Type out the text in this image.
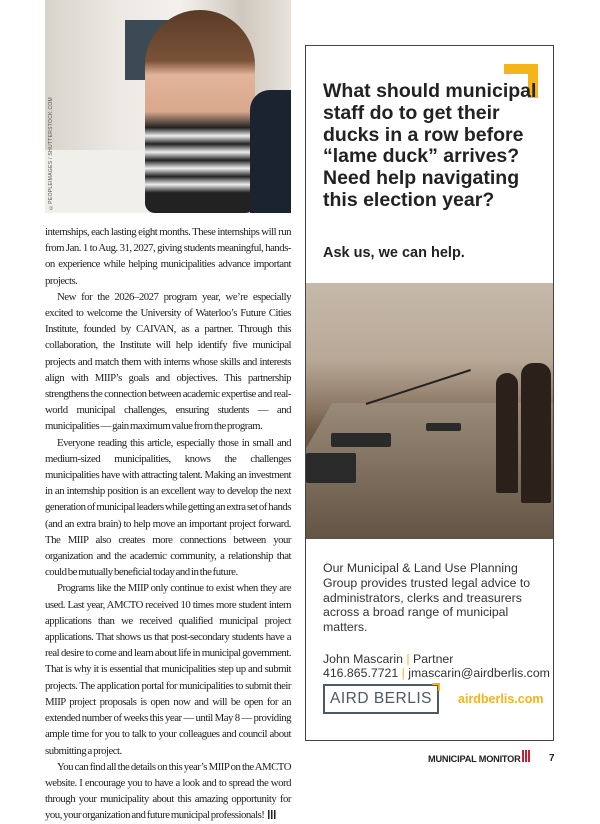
©PEOPLEIMAGES / SHUTTERSTOCK.COM

internships, each lasting eight months. These internships will run from Jan. 1 to Aug. 31, 2027, giving students meaningful, hands-on experience while helping municipalities advance important projects.

New for the 2026–2027 program year, we’re especially excited to welcome the University of Waterloo’s Future Cities Institute, founded by CAIVAN, as a partner. Through this collaboration, the Institute will help identify five municipal projects and match them with interns whose skills and interests align with MIIP’s goals and objectives. This partnership strengthens the connection between academic expertise and real-world municipal challenges, ensuring students — and municipalities — gain maximum value from the program.

Everyone reading this article, especially those in small and medium-sized municipalities, knows the challenges municipalities have with attracting talent. Making an investment in an internship position is an excellent way to develop the next generation of municipal leaders while getting an extra set of hands (and an extra brain) to help move an important project forward. The MIIP also creates more connections between your organization and the academic community, a relationship that could be mutually beneficial today and in the future.

Programs like the MIIP only continue to exist when they are used. Last year, AMCTO received 10 times more student intern applications than we received qualified municipal project applications. That shows us that post-secondary students have a real desire to come and learn about life in municipal government. That is why it is essential that municipalities step up and submit projects. The application portal for municipalities to submit their MIIP project proposals is open now and will be open for an extended number of weeks this year — until May 8 — providing ample time for you to talk to your colleagues and council about submitting a project.

You can find all the details on this year’s MIIP on the AMCTO website. I encourage you to have a look and to spread the word through your municipality about this amazing opportunity for you, your organization and future municipal professionals!

What should municipal staff do to get their ducks in a row before “lame duck” arrives? Need help navigating this election year?
Ask us, we can help.
Our Municipal & Land Use Planning Group provides trusted legal advice to administrators, clerks and treasurers across a broad range of municipal matters.
John Mascarin | Partner
416.865.7721 | jmascarin@airdberlis.com
AIRD BERLIS airdberlis.com
MUNICIPAL MONITOR	7
